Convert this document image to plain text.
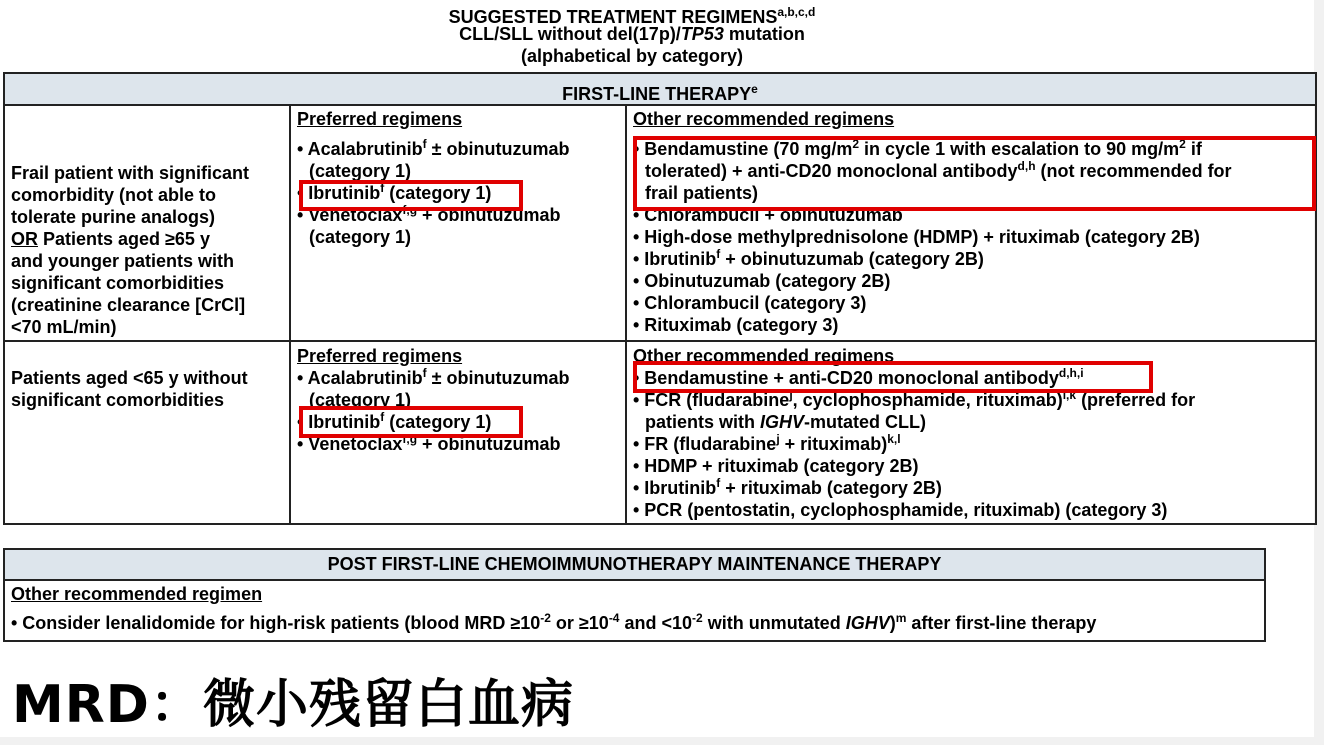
SUGGESTED TREATMENT REGIMENS$^{a,b,c,d}$
CLL/SLL without del(17p)/TP53 mutation
(alphabetical by category)
FIRST-LINE THERAPY$^e$
Frail patient with significant
comorbidity (not able to
tolerate purine analogs)
OR Patients aged ≥65 y
and younger patients with
significant comorbidities
(creatinine clearance [CrCl]
<70 mL/min)
Preferred regimens
• Acalabrutinib$^f$ ± obinutuzumab
(category 1)
• Ibrutinib$^f$ (category 1)
• Venetoclax$^{f,g}$ + obinutuzumab
(category 1)
Other recommended regimens
• Bendamustine (70 $mg/m^2$ in cycle 1 with escalation to 90 $mg/m^2$ if
tolerated) + anti-CD20 monoclonal antibody$^{d,h}$ (not recommended for
frail patients)
• Chlorambucil + obinutuzumab
• High-dose methylprednisolone (HDMP) + rituximab (category 2B)
• Ibrutinib$^f$ + obinutuzumab (category 2B)
• Obinutuzumab (category 2B)
• Chlorambucil (category 3)
• Rituximab (category 3)
Patients aged <65 y without
significant comorbidities
Preferred regimens
• Acalabrutinib$^f$ ± obinutuzumab
(category 1)
• Ibrutinib$^f$ (category 1)
• Venetoclax$^{f,g}$ + obinutuzumab
Other recommended regimens
• Bendamustine + anti-CD20 monoclonal antibody$^{d,h,i}$
• FCR (fludarabine$^j$, cyclophosphamide, rituximab)$^{i,k}$ (preferred for
patients with IGHV-mutated CLL)
• FR (fludarabine$^j$ + rituximab)$^{k,l}$
• HDMP + rituximab (category 2B)
• Ibrutinib$^f$ + rituximab (category 2B)
• PCR (pentostatin, cyclophosphamide, rituximab) (category 3)
POST FIRST-LINE CHEMOIMMUNOTHERAPY MAINTENANCE THERAPY
Other recommended regimen
• Consider lenalidomide for high-risk patients (blood MRD $\ge 10^{-2}$ or $\ge 10^{-4}$ and $<10^{-2}$ with unmutated IGHV)$^m$ after first-line therapy
MRD：微小残留白血病
